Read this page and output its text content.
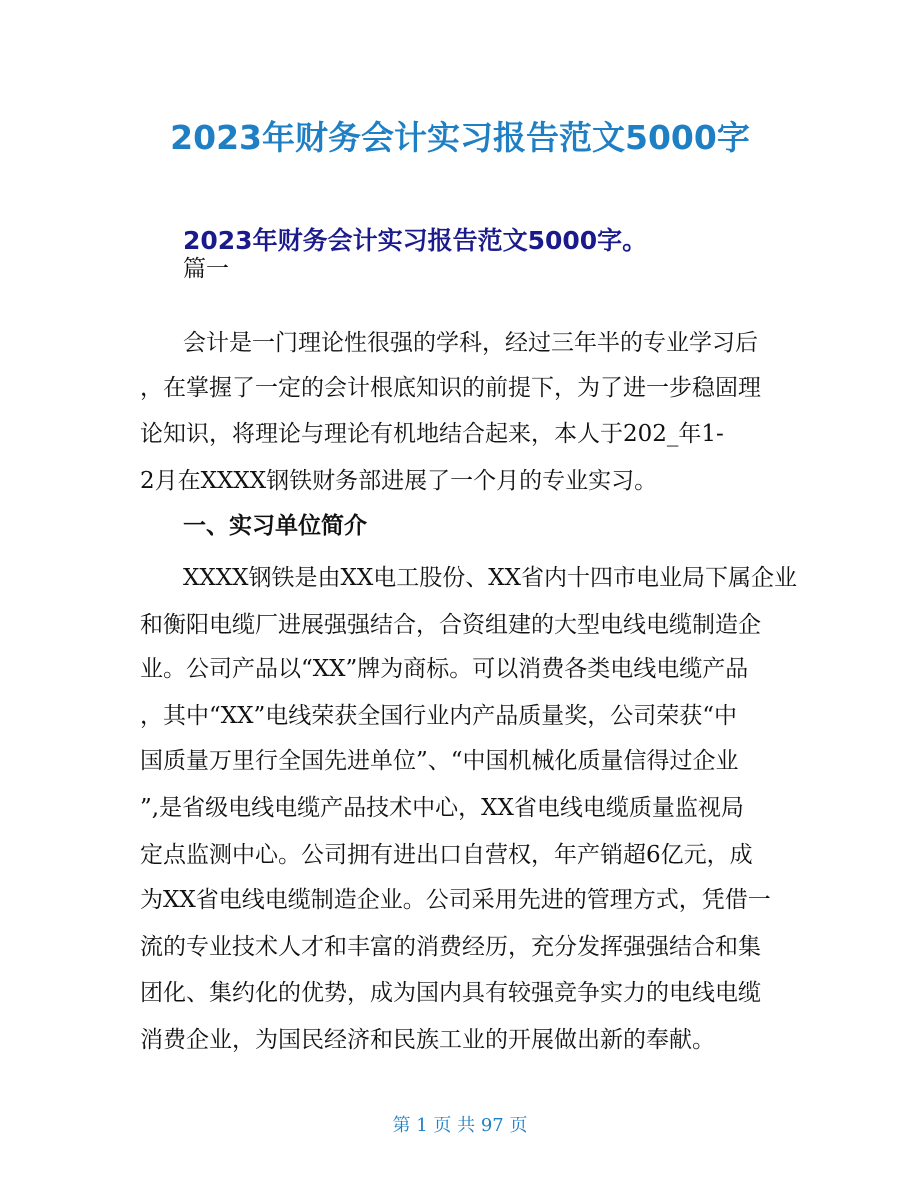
2023年财务会计实习报告范文5000字

2023年财务会计实习报告范文5000字。

篇一

会计是一门理论性很强的学科，经过三年半的专业学习后

，在掌握了一定的会计根底知识的前提下，为了进一步稳固理

论知识，将理论与理论有机地结合起来，本人于202_年1-

2月在XXXX钢铁财务部进展了一个月的专业实习。

一、实习单位简介

XXXX钢铁是由XX电工股份、XX省内十四市电业局下属企业

和衡阳电缆厂进展强强结合，合资组建的大型电线电缆制造企

业。公司产品以“XX”牌为商标。可以消费各类电线电缆产品

，其中“XX”电线荣获全国行业内产品质量奖，公司荣获“中

国质量万里行全国先进单位”、“中国机械化质量信得过企业

”,是省级电线电缆产品技术中心，XX省电线电缆质量监视局

定点监测中心。公司拥有进出口自营权，年产销超6亿元，成

为XX省电线电缆制造企业。公司采用先进的管理方式，凭借一

流的专业技术人才和丰富的消费经历，充分发挥强强结合和集

团化、集约化的优势，成为国内具有较强竞争实力的电线电缆

消费企业，为国民经济和民族工业的开展做出新的奉献。

第 1 页 共 97 页
